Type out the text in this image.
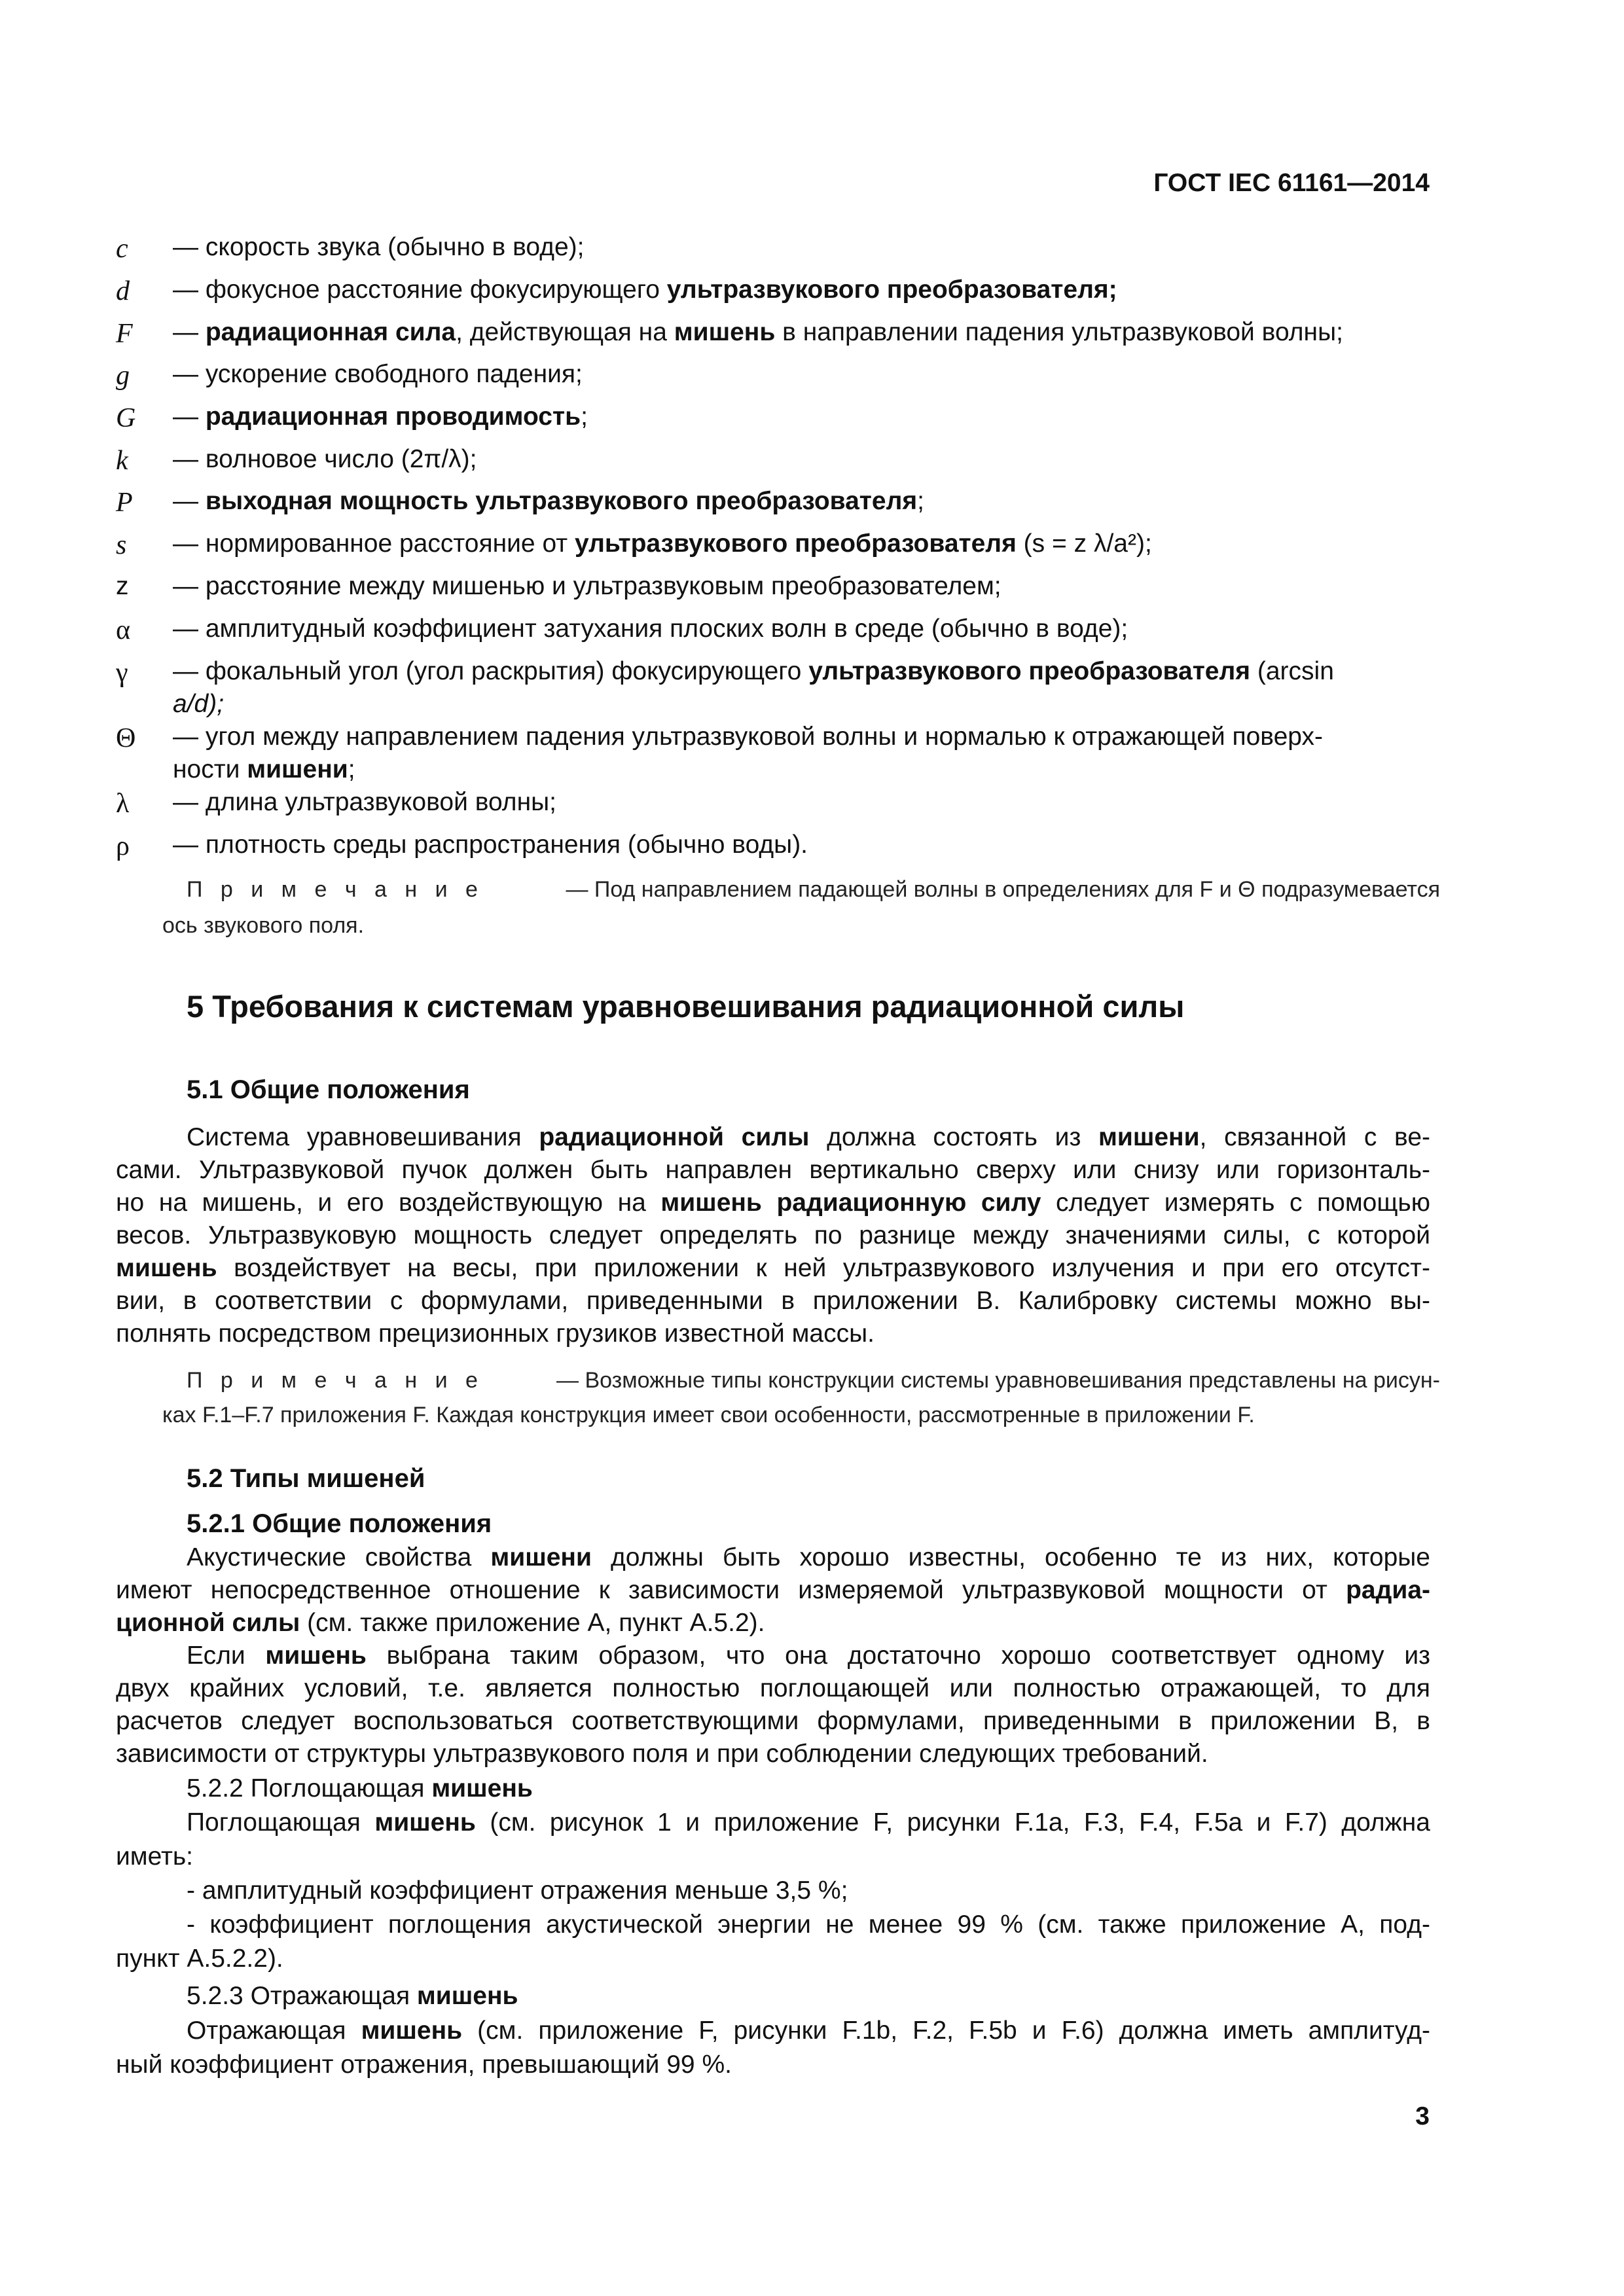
ГОСТ IEC 61161—2014
c — скорость звука (обычно в воде);
d — фокусное расстояние фокусирующего ультразвукового преобразователя;
F — радиационная сила, действующая на мишень в направлении падения ультразвуковой волны;
g — ускорение свободного падения;
G — радиационная проводимость;
k — волновое число (2π/λ);
P — выходная мощность ультразвукового преобразователя;
s — нормированное расстояние от ультразвукового преобразователя (s = z λ/a²);
z — расстояние между мишенью и ультразвуковым преобразователем;
α — амплитудный коэффициент затухания плоских волн в среде (обычно в воде);
γ — фокальный угол (угол раскрытия) фокусирующего ультразвукового преобразователя (arcsin
a/d);
Θ — угол между направлением падения ультразвуковой волны и нормалью к отражающей поверх-
ности мишени;
λ — длина ультразвуковой волны;
ρ — плотность среды распространения (обычно воды).
П р и м е ч а н и е	— Под направлением падающей волны в определениях для F и Θ подразумевается
ось звукового поля.
5 Требования к системам уравновешивания радиационной силы
5.1 Общие положения
Система уравновешивания радиационной силы должна состоять из мишени, связанной с ве-
сами. Ультразвуковой пучок должен быть направлен вертикально сверху или снизу или горизонталь-
но на мишень, и его воздействующую на мишень радиационную силу следует измерять с помощью
весов. Ультразвуковую мощность следует определять по разнице между значениями силы, с которой
мишень воздействует на весы, при приложении к ней ультразвукового излучения и при его отсутст-
вии, в соответствии с формулами, приведенными в приложении B. Калибровку системы можно вы-
полнять посредством прецизионных грузиков известной массы.
П р и м е ч а н и е	— Возможные типы конструкции системы уравновешивания представлены на рисун-
ках F.1–F.7 приложения F. Каждая конструкция имеет свои особенности, рассмотренные в приложении F.
5.2 Типы мишеней
5.2.1 Общие положения
Акустические свойства мишени должны быть хорошо известны, особенно те из них, которые
имеют непосредственное отношение к зависимости измеряемой ультразвуковой мощности от радиа-
ционной силы (см. также приложение A, пункт A.5.2).
Если мишень выбрана таким образом, что она достаточно хорошо соответствует одному из
двух крайних условий, т.е. является полностью поглощающей или полностью отражающей, то для
расчетов следует воспользоваться соответствующими формулами, приведенными в приложении B, в
зависимости от структуры ультразвукового поля и при соблюдении следующих требований.
5.2.2 Поглощающая мишень
Поглощающая мишень (см. рисунок 1 и приложение F, рисунки F.1a, F.3, F.4, F.5a и F.7) должна
иметь:
- амплитудный коэффициент отражения меньше 3,5 %;
- коэффициент поглощения акустической энергии не менее 99 % (см. также приложение A, под-
пункт A.5.2.2).
5.2.3 Отражающая мишень
Отражающая мишень (см. приложение F, рисунки F.1b, F.2, F.5b и F.6) должна иметь амплитуд-
ный коэффициент отражения, превышающий 99 %.
3
